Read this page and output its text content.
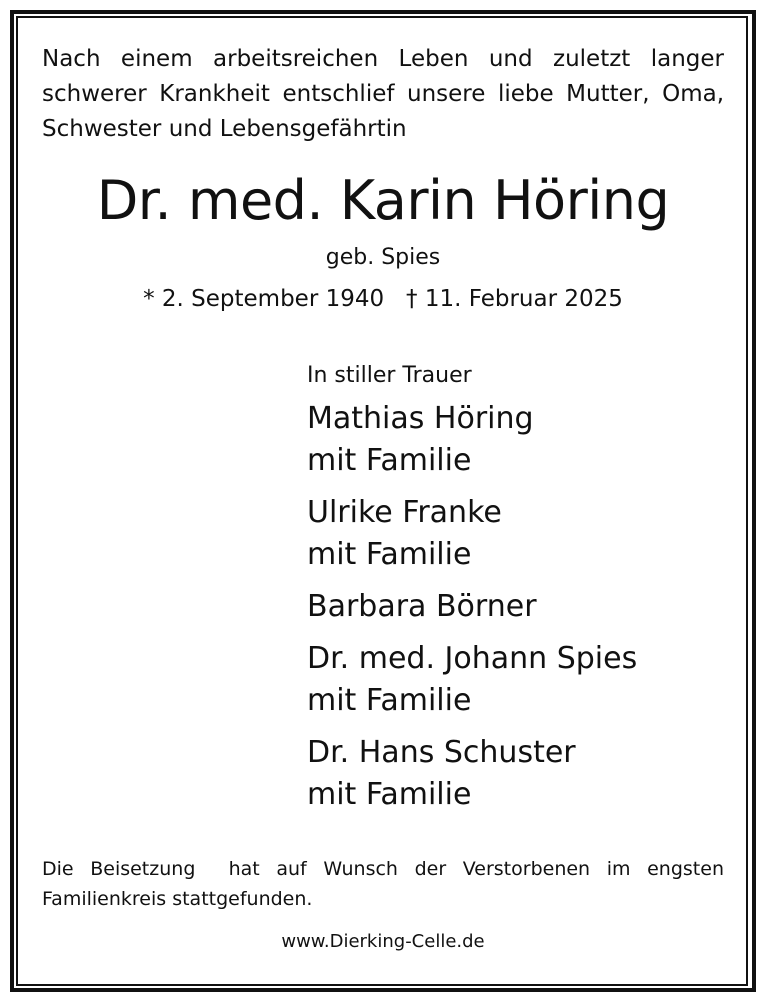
Nach einem arbeitsreichen Leben und zuletzt langer
schwerer Krankheit entschlief unsere liebe Mutter, Oma,
Schwester und Lebensgefährtin
Dr. med. Karin Höring
geb. Spies
* 2. September 1940   † 11. Februar 2025
In stiller Trauer
Mathias Höring
mit Familie
Ulrike Franke
mit Familie
Barbara Börner
Dr. med. Johann Spies
mit Familie
Dr. Hans Schuster
mit Familie
Die Beisetzung  hat auf Wunsch der Verstorbenen im engsten
Familienkreis stattgefunden.
www.Dierking-Celle.de
